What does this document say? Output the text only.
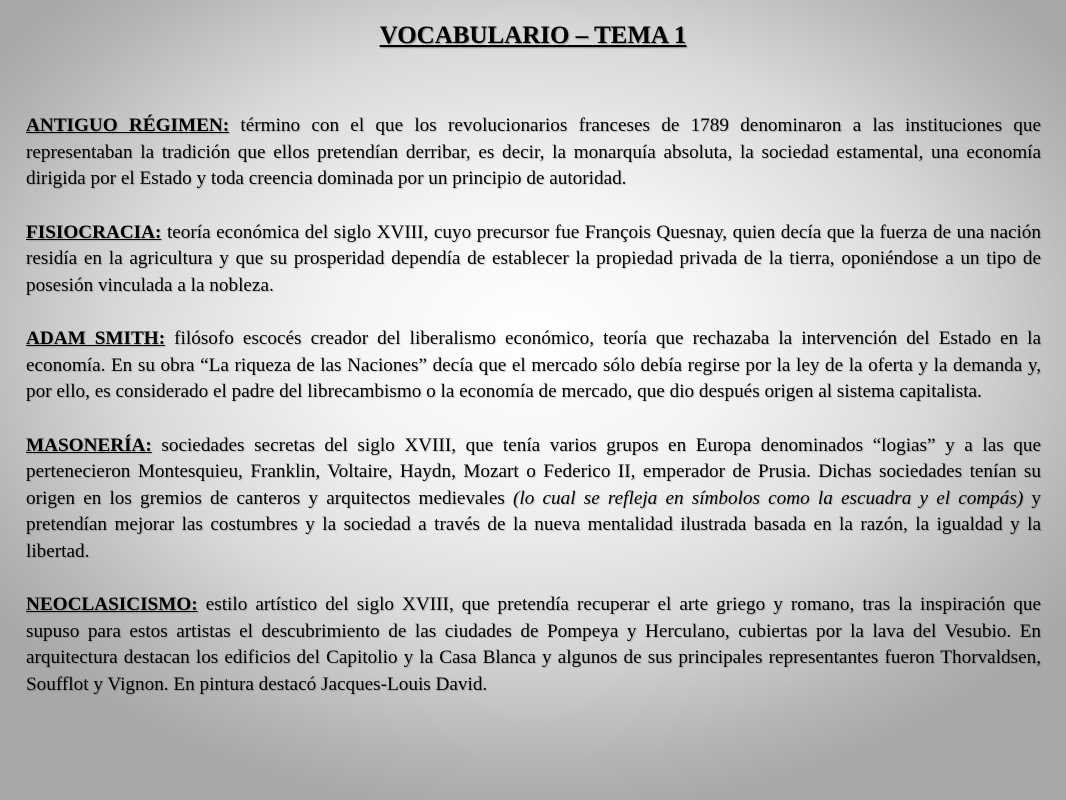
VOCABULARIO – TEMA 1

ANTIGUO RÉGIMEN: término con el que los revolucionarios franceses de 1789 denominaron a las instituciones que representaban la tradición que ellos pretendían derribar, es decir, la monarquía absoluta, la sociedad estamental, una economía dirigida por el Estado y toda creencia dominada por un principio de autoridad.

FISIOCRACIA: teoría económica del siglo XVIII, cuyo precursor fue François Quesnay, quien decía que la fuerza de una nación residía en la agricultura y que su prosperidad dependía de establecer la propiedad privada de la tierra, oponiéndose a un tipo de posesión vinculada a la nobleza.

ADAM SMITH: filósofo escocés creador del liberalismo económico, teoría que rechazaba la intervención del Estado en la economía. En su obra “La riqueza de las Naciones” decía que el mercado sólo debía regirse por la ley de la oferta y la demanda y, por ello, es considerado el padre del librecambismo o la economía de mercado, que dio después origen al sistema capitalista.

MASONERÍA: sociedades secretas del siglo XVIII, que tenía varios grupos en Europa denominados “logias” y a las que pertenecieron Montesquieu, Franklin, Voltaire, Haydn, Mozart o Federico II, emperador de Prusia. Dichas sociedades tenían su origen en los gremios de canteros y arquitectos medievales (lo cual se refleja en símbolos como la escuadra y el compás) y pretendían mejorar las costumbres y la sociedad a través de la nueva mentalidad ilustrada basada en la razón, la igualdad y la libertad.

NEOCLASICISMO: estilo artístico del siglo XVIII, que pretendía recuperar el arte griego y romano, tras la inspiración que supuso para estos artistas el descubrimiento de las ciudades de Pompeya y Herculano, cubiertas por la lava del Vesubio. En arquitectura destacan los edificios del Capitolio y la Casa Blanca y algunos de sus principales representantes fueron Thorvaldsen, Soufflot y Vignon. En pintura destacó Jacques-Louis David.
